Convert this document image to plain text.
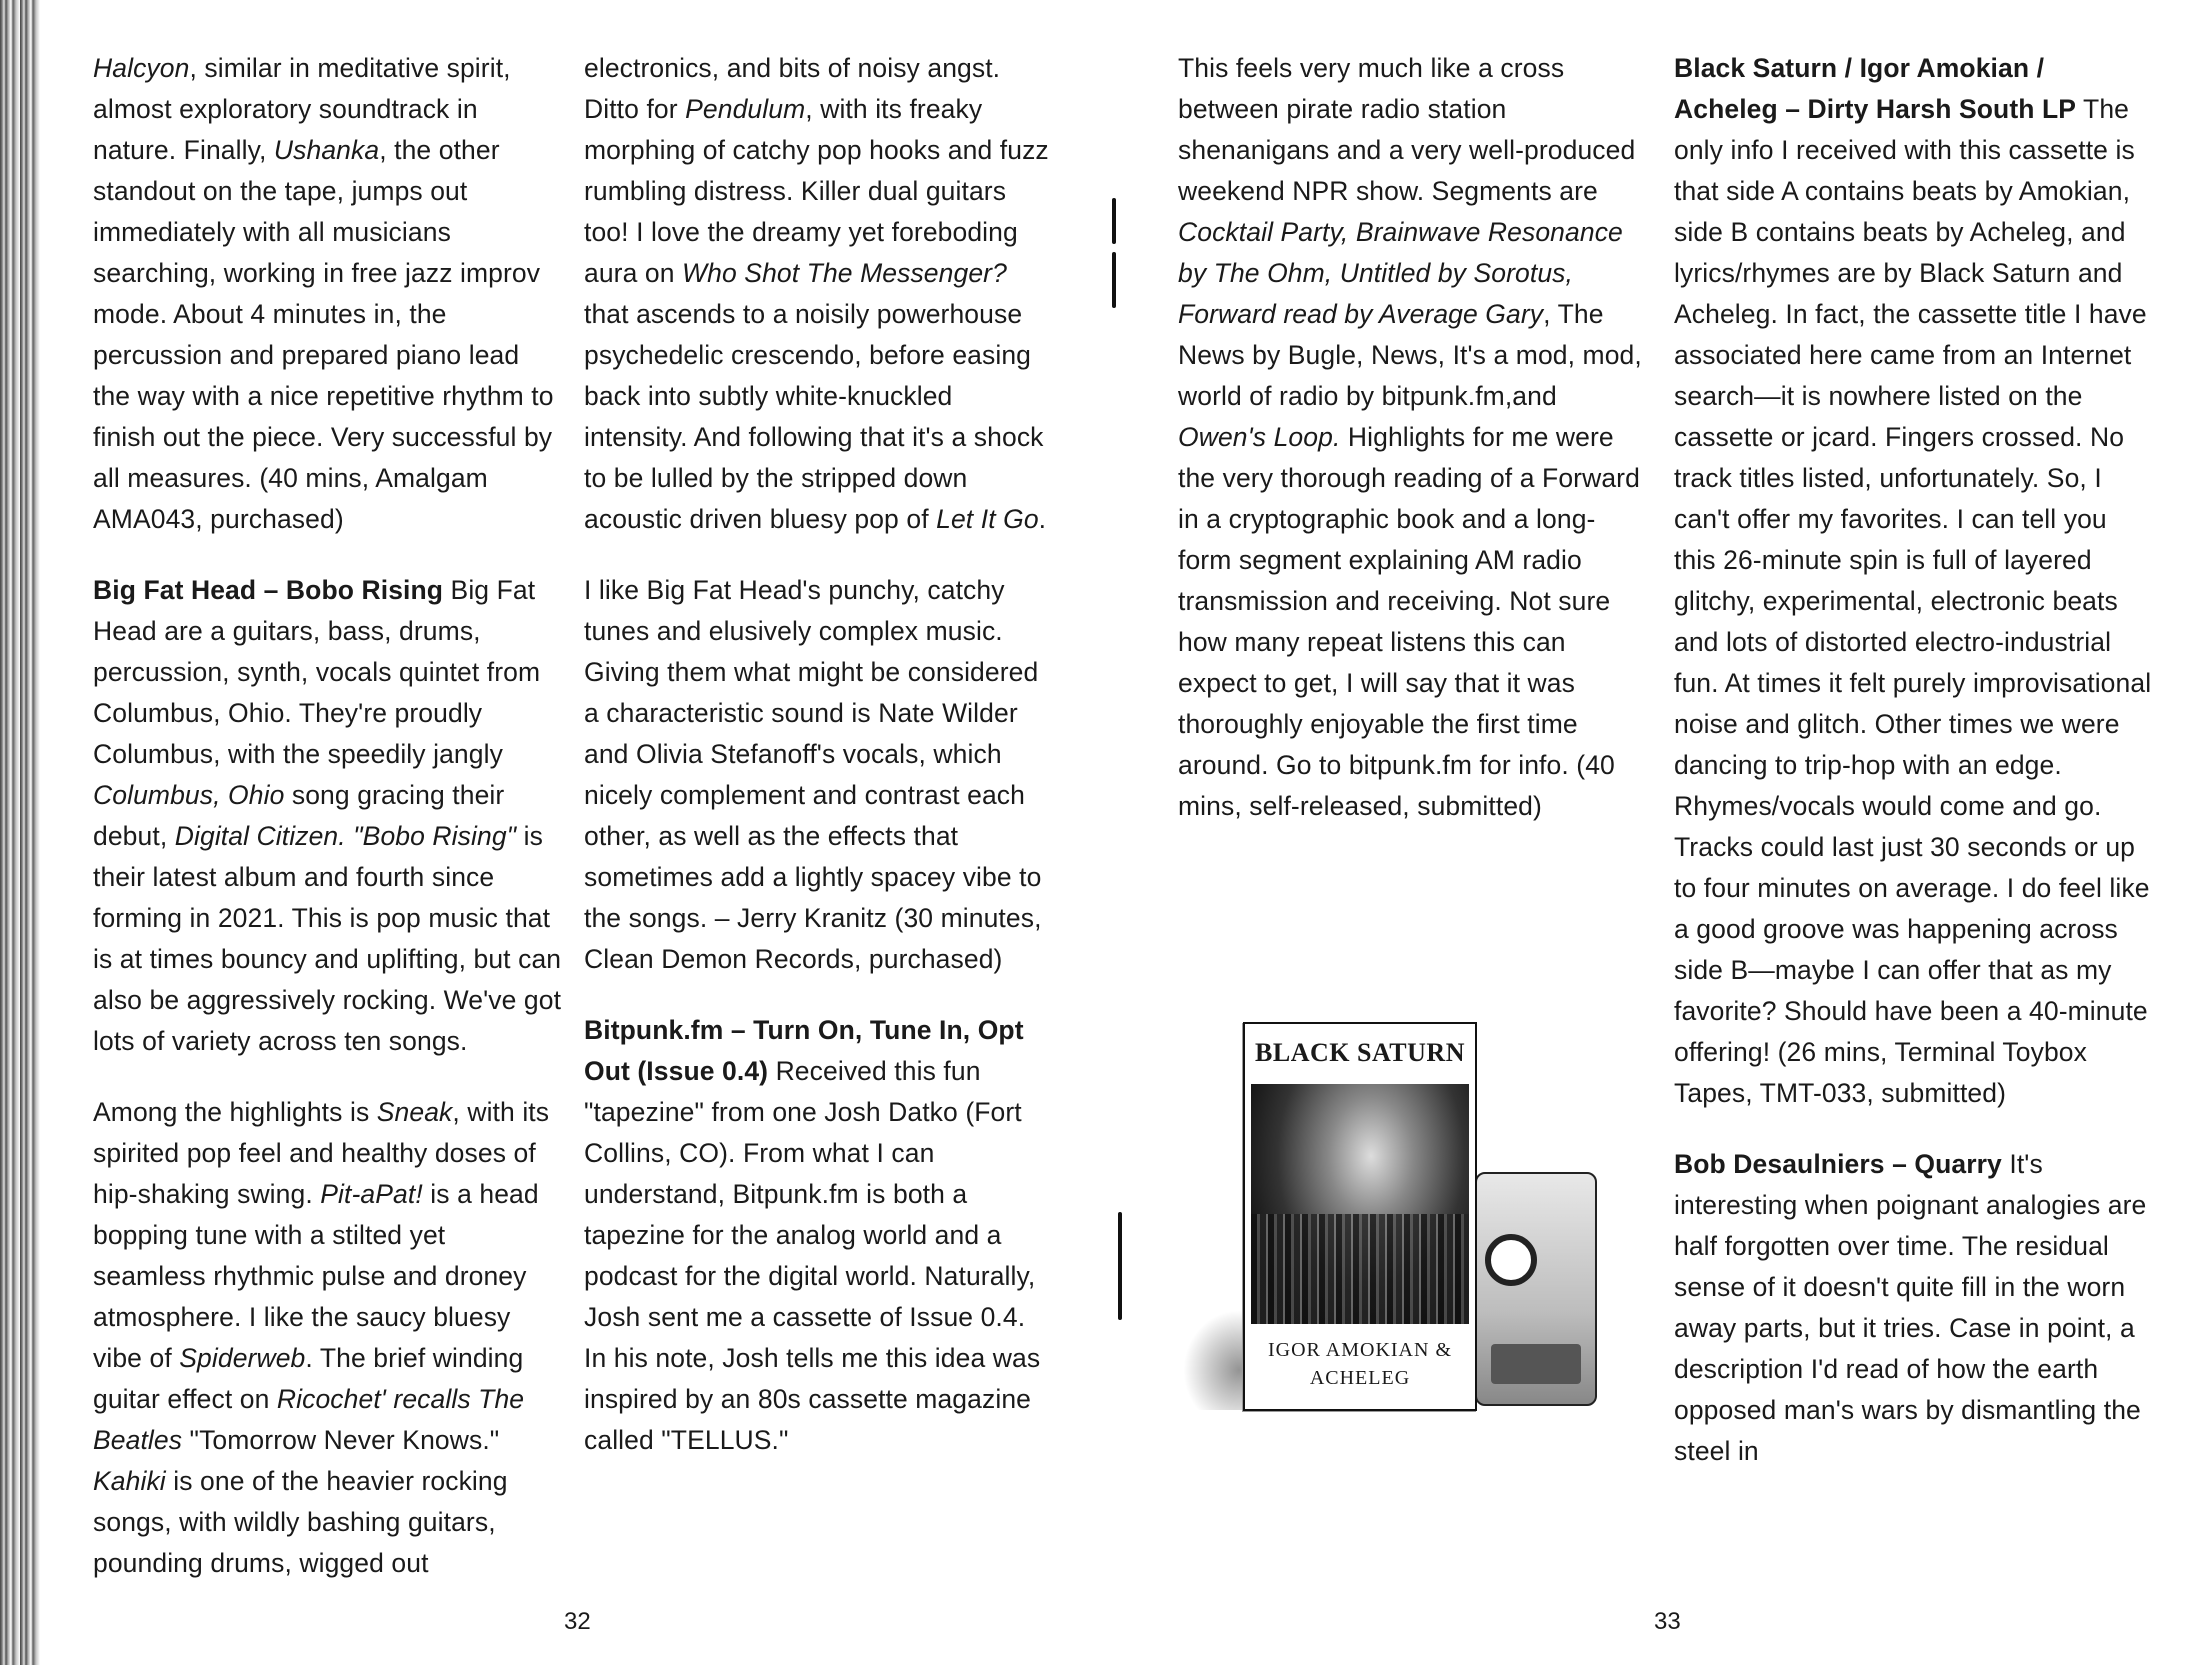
Halcyon, similar in meditative spirit, almost exploratory soundtrack in nature. Finally, Ushanka, the other standout on the tape, jumps out immediately with all musicians searching, working in free jazz improv mode. About 4 minutes in, the percussion and prepared piano lead the way with a nice repetitive rhythm to finish out the piece. Very successful by all measures. (40 mins, Amalgam AMA043, purchased)

Big Fat Head – Bobo Rising Big Fat Head are a guitars, bass, drums, percussion, synth, vocals quintet from Columbus, Ohio. They're proudly Columbus, with the speedily jangly Columbus, Ohio song gracing their debut, Digital Citizen. "Bobo Rising" is their latest album and fourth since forming in 2021. This is pop music that is at times bouncy and uplifting, but can also be aggressively rocking. We've got lots of variety across ten songs.

Among the highlights is Sneak, with its spirited pop feel and healthy doses of hip-shaking swing. Pit-aPat! is a head bopping tune with a stilted yet seamless rhythmic pulse and droney atmosphere. I like the saucy bluesy vibe of Spiderweb. The brief winding guitar effect on Ricochet' recalls The Beatles "Tomorrow Never Knows." Kahiki is one of the heavier rocking songs, with wildly bashing guitars, pounding drums, wigged out

electronics, and bits of noisy angst. Ditto for Pendulum, with its freaky morphing of catchy pop hooks and fuzz rumbling distress. Killer dual guitars too! I love the dreamy yet foreboding aura on Who Shot The Messenger? that ascends to a noisily powerhouse psychedelic crescendo, before easing back into subtly white-knuckled intensity. And following that it's a shock to be lulled by the stripped down acoustic driven bluesy pop of Let It Go.

I like Big Fat Head's punchy, catchy tunes and elusively complex music. Giving them what might be considered a characteristic sound is Nate Wilder and Olivia Stefanoff's vocals, which nicely complement and contrast each other, as well as the effects that sometimes add a lightly spacey vibe to the songs. – Jerry Kranitz (30 minutes, Clean Demon Records, purchased)

Bitpunk.fm – Turn On, Tune In, Opt Out (Issue 0.4) Received this fun "tapezine" from one Josh Datko (Fort Collins, CO). From what I can understand, Bitpunk.fm is both a tapezine for the analog world and a podcast for the digital world. Naturally, Josh sent me a cassette of Issue 0.4. In his note, Josh tells me this idea was inspired by an 80s cassette magazine called "TELLUS."

32

This feels very much like a cross between pirate radio station shenanigans and a very well-produced weekend NPR show. Segments are Cocktail Party, Brainwave Resonance by The Ohm, Untitled by Sorotus, Forward read by Average Gary, The News by Bugle, News, It's a mod, mod, world of radio by bitpunk.fm,and Owen's Loop. Highlights for me were the very thorough reading of a Forward in a cryptographic book and a long-form segment explaining AM radio transmission and receiving. Not sure how many repeat listens this can expect to get, I will say that it was thoroughly enjoyable the first time around. Go to bitpunk.fm for info. (40 mins, self-released, submitted)

BLACK SATURN
IGOR AMOKIAN &
ACHELEG

Black Saturn / Igor Amokian / Acheleg – Dirty Harsh South LP The only info I received with this cassette is that side A contains beats by Amokian, side B contains beats by Acheleg, and lyrics/rhymes are by Black Saturn and Acheleg. In fact, the cassette title I have associated here came from an Internet search—it is nowhere listed on the cassette or jcard. Fingers crossed. No track titles listed, unfortunately. So, I can't offer my favorites. I can tell you this 26-minute spin is full of layered glitchy, experimental, electronic beats and lots of distorted electro-industrial fun. At times it felt purely improvisational noise and glitch. Other times we were dancing to trip-hop with an edge. Rhymes/vocals would come and go. Tracks could last just 30 seconds or up to four minutes on average. I do feel like a good groove was happening across side B—maybe I can offer that as my favorite? Should have been a 40-minute offering! (26 mins, Terminal Toybox Tapes, TMT-033, submitted)

Bob Desaulniers – Quarry It's interesting when poignant analogies are half forgotten over time. The residual sense of it doesn't quite fill in the worn away parts, but it tries. Case in point, a description I'd read of how the earth opposed man's wars by dismantling the steel in

33
